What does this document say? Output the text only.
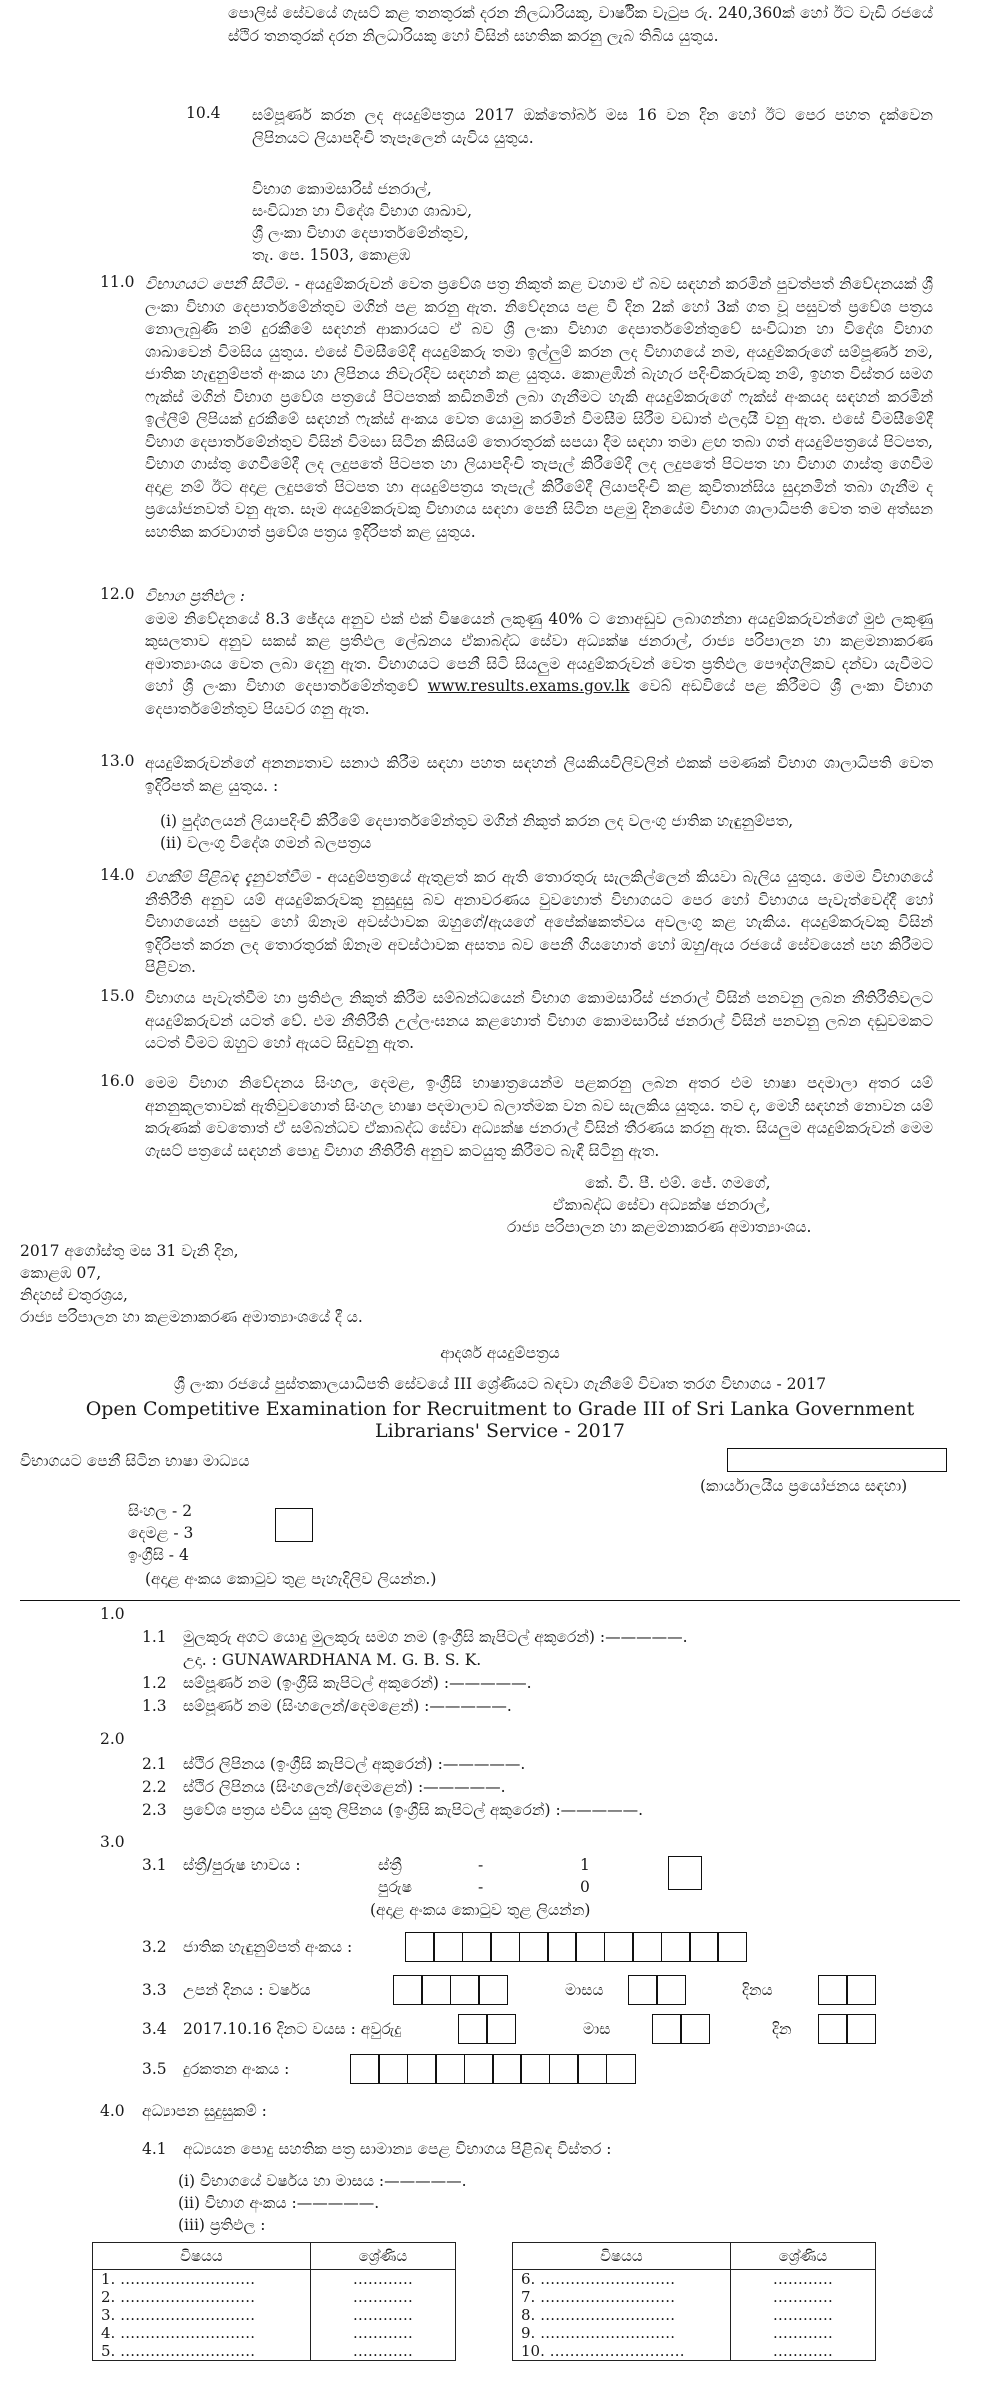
පොලිස් සේවයේ ගැසට් කළ තනතුරක් දරන නිලධාරියකු, වාර්ෂික වැටුප රු. 240,360ක් හෝ ඊට වැඩි රජයේ ස්ථිර තනතුරක් දරන නිලධාරියකු හෝ විසින් සහතික කරනු ලැබ තිබිය යුතුය.
10.4 සම්පූර්ණ කරන ලද අයදුම්පත්‍රය 2017 ඔක්තෝබර් මස 16 වන දින හෝ ඊට පෙර පහත දැක්වෙන ලිපිනයට ලියාපදිංචි තැපෑලෙන් යැවිය යුතුය.
විභාග කොමසාරිස් ජනරාල්,
සංවිධාන හා විදේශ විභාග ශාඛාව,
ශ්‍රී ලංකා විභාග දෙපාර්තමේන්තුව,
තැ. පෙ. 1503, කොළඹ
11.0 විභාගයට පෙනී සිටීම. - අයදුම්කරුවන් වෙත ප්‍රවේශ පත්‍ර නිකුත් කළ වහාම ඒ බව සඳහන් කරමින් පුවත්පත් නිවේදනයක් ශ්‍රී ලංකා විභාග දෙපාර්තමේන්තුව මගින් පළ කරනු ඇත. නිවේදනය පළ වී දින 2ක් හෝ 3ක් ගත වූ පසුවත් ප්‍රවේශ පත්‍රය නොලැබුණි නම් දුරකීමේ සඳහන් ආකාරයට ඒ බව ශ්‍රී ලංකා විභාග දෙපාර්තමේන්තුවේ සංවිධාන හා විදේශ විභාග ශාඛාවෙන් විමසිය යුතුය. එසේ විමසීමේදී අයදුම්කරු තමා ඉල්ලුම් කරන ලද විභාගයේ නම, අයදුම්කරුගේ සම්පූර්ණ නම, ජාතික හැඳුනුම්පත් අංකය හා ලිපිනය නිවැරදිව සඳහන් කළ යුතුය. කොළඹින් බැහැර පදිංචිකරුවකු නම්, ඉහත විස්තර සමග ෆැක්ස් මගින් විභාග ප්‍රවේශ පත්‍රයේ පිටපතක් කඩිනමින් ලබා ගැනීමට හැකි අයදුම්කරුගේ ෆැක්ස් අංකයද සඳහන් කරමින් ඉල්ලීම් ලිපියක් දුරකීමේ සඳහන් ෆැක්ස් අංකය වෙත යොමු කරමින් විමසීම සිරීම වඩාත් ඵලදායී වනු ඇත. එසේ විමසීමේදී විභාග දෙපාර්තමේන්තුව විසින් විමසා සිටින කිසියම් තොරතුරක් සපයා දීම සඳහා තමා ළඟ තබා ගත් අයදුම්පත්‍රයේ පිටපත, විභාග ගාස්තු ගෙවීමේදී ලද ලදුපතේ පිටපත හා ලියාපදිංචි තැපැල් කිරීමේදී ලද ලදුපතේ පිටපත හා විභාග ගාස්තු ගෙවීම අදාළ නම් ඊට අදාළ ලදුපතේ පිටපත හා අයදුම්පත්‍රය තැපැල් කිරීමේදී ලියාපදිංචි කළ කුවිතාන්සිය සුදානමින් තබා ගැනීම ද ප්‍රයෝජනවත් වනු ඇත. සෑම අයදුම්කරුවකු විභාගය සඳහා පෙනී සිටින පළමු දිනයේම විභාග ශාලාධිපති වෙත තම අත්සන සහතික කරවාගත් ප්‍රවේශ පත්‍රය ඉදිරිපත් කළ යුතුය.
12.0 විභාග ප්‍රතිඵල :
මෙම නිවේදනයේ 8.3 ඡේදය අනුව එක් එක් විෂයෙන් ලකුණු 40% ට නොඅඩුව ලබාගන්නා අයදුම්කරුවන්ගේ මුළු ලකුණු කුසලතාව අනුව සකස් කළ ප්‍රතිඵල ලේඛනය ඒකාබද්ධ සේවා අධ්‍යක්ෂ ජනරාල්, රාජ්‍ය පරිපාලන හා කළමනාකරණ අමාත්‍යාංශය වෙත ලබා දෙනු ඇත. විභාගයට පෙනී සිටි සියලුම අයදුම්කරුවන් වෙත ප්‍රතිඵල පෞද්ගලිකව දන්වා යැවීමට හෝ ශ්‍රී ලංකා විභාග දෙපාර්තමේන්තුවේ www.results.exams.gov.lk වෙබ් අඩවියේ පළ කිරීමට ශ්‍රී ලංකා විභාග දෙපාර්තමේන්තුව පියවර ගනු ඇත.
13.0 අයදුම්කරුවන්ගේ අනන්‍යතාව සනාථ කිරීම සඳහා පහත සඳහන් ලියකියවිලිවලින් එකක් පමණක් විභාග ශාලාධිපති වෙත ඉදිරිපත් කළ යුතුය. :
(i) පුද්ගලයන් ලියාපදිංචි කිරීමේ දෙපාර්තමේන්තුව මගින් නිකුත් කරන ලද වලංගු ජාතික හැඳුනුම්පත,
(ii) වලංගු විදේශ ගමන් බලපත්‍රය
14.0 වගකීම් පිළිබඳ දැනුවත්වීම - අයදුම්පත්‍රයේ ඇතුළත් කර ඇති තොරතුරු සැලකිල්ලෙන් කියවා බැලිය යුතුය. මෙම විභාගයේ නීතිරීති අනුව යම් අයදුම්කරුවකු නුසුදුසු බව අනාවරණය වුවහොත් විභාගයට පෙර හෝ විභාගය පැවැත්වෙද්දී හෝ විභාගයෙන් පසුව හෝ ඕනෑම අවස්ථාවක ඔහුගේ/ඇයගේ අපේක්ෂකත්වය අවලංගු කළ හැකිය. අයදුම්කරුවකු විසින් ඉදිරිපත් කරන ලද තොරතුරක් ඕනෑම අවස්ථාවක අසත්‍ය බව පෙනී ගියහොත් හෝ ඔහු/ඇය රජයේ සේවයෙන් පහ කිරීමට පිළිවන.
15.0 විභාගය පැවැත්වීම හා ප්‍රතිඵල නිකුත් කිරීම සම්බන්ධයෙන් විභාග කොමසාරිස් ජනරාල් විසින් පනවනු ලබන නීතිරීතිවලට අයදුම්කරුවන් යටත් වේ. එම නීතිරීති උල්ලංඝනය කළහොත් විභාග කොමසාරිස් ජනරාල් විසින් පනවනු ලබන දඬුවමකට යටත් වීමට ඔහුට හෝ ඇයට සිදුවනු ඇත.
16.0 මෙම විභාග නිවේදනය සිංහල, දෙමළ, ඉංග්‍රීසි භාෂාත්‍රයෙන්ම පළකරනු ලබන අතර එම භාෂා පදමාලා අතර යම් අනනුකූලතාවක් ඇතිවුවහොත් සිංහල භාෂා පදමාලාව බලාත්මක වන බව සැලකිය යුතුය. තව ද, මෙහි සඳහන් නොවන යම් කරුණක් වෙතොත් ඒ සම්බන්ධව ඒකාබද්ධ සේවා අධ්‍යක්ෂ ජනරාල් විසින් තීරණය කරනු ඇත. සියලුම අයදුම්කරුවන් මෙම ගැසට් පත්‍රයේ සඳහන් පොදු විභාග නීතිරීති අනුව කටයුතු කිරීමට බැඳී සිටිනු ඇත.
කේ. වී. පී. එම්. ජේ. ගමගේ,
ඒකාබද්ධ සේවා අධ්‍යක්ෂ ජනරාල්,
රාජ්‍ය පරිපාලන හා කළමනාකරණ අමාත්‍යාංශය.
2017 අගෝස්තු මස 31 වැනි දින,
කොළඹ 07,
නිදහස් චතුරශ්‍රය,
රාජ්‍ය පරිපාලන හා කළමනාකරණ අමාත්‍යාංශයේ දී ය.
ආදර්ශ අයදුම්පත්‍රය
ශ්‍රී ලංකා රජයේ පුස්තකාලයාධිපති සේවයේ III ශ්‍රේණියට බඳවා ගැනීමේ විවෘත තරග විභාගය - 2017
Open Competitive Examination for Recruitment to Grade III of Sri Lanka Government Librarians' Service - 2017
විභාගයට පෙනී සිටින භාෂා මාධ්‍යය
(කාර්යාලයීය ප්‍රයෝජනය සඳහා)
සිංහල - 2
දෙමළ - 3
ඉංග්‍රීසි - 4
(අදාළ අංකය කොටුව තුළ පැහැදිලිව ලියන්න.)
1.0
1.1 මුලකුරු අගට යොදු මුලකුරු සමග නම (ඉංග්‍රීසි කැපිටල් අකුරෙන්) :—————.
උදා. : GUNAWARDHANA M. G. B. S. K.
1.2 සම්පූර්ණ නම (ඉංග්‍රීසි කැපිටල් අකුරෙන්) :—————.
1.3 සම්පූර්ණ නම (සිංහලෙන්/දෙමළෙන්) :—————.
2.0
2.1 ස්ථිර ලිපිනය (ඉංග්‍රීසි කැපිටල් අකුරෙන්) :—————.
2.2 ස්ථිර ලිපිනය (සිංහලෙන්/දෙමළෙන්) :—————.
2.3 ප්‍රවේශ පත්‍රය එවිය යුතු ලිපිනය (ඉංග්‍රීසි කැපිටල් අකුරෙන්) :—————.
3.0
3.1 ස්ත්‍රී/පුරුෂ භාවය :	ස්ත්‍රී	-	1
පුරුෂ	-	0
(අදාළ අංකය කොටුව තුළ ලියන්න)
3.2 ජාතික හැඳුනුම්පත් අංකය :
3.3 උපන් දිනය : වර්ෂය	මාසය	දිනය
3.4 2017.10.16 දිනට වයස : අවුරුදු	මාස	දින
3.5 දුරකතන අංකය :
4.0 අධ්‍යාපන සුදුසුකම් :
4.1 අධ්‍යයන පොදු සහතික පත්‍ර සාමාන්‍ය පෙළ විභාගය පිළිබඳ විස්තර :
(i) විභාගයේ වර්ෂය හා මාසය :—————.
(ii) විභාග අංකය :—————.
(iii) ප්‍රතිඵල :
විෂයය	ශ්‍රේණිය
1. ………………………	…………
2. ………………………	…………
3. ………………………	…………
4. ………………………	…………
5. ………………………	…………
විෂයය	ශ්‍රේණිය
6. ………………………	…………
7. ………………………	…………
8. ………………………	…………
9. ………………………	…………
10. ………………………	…………
